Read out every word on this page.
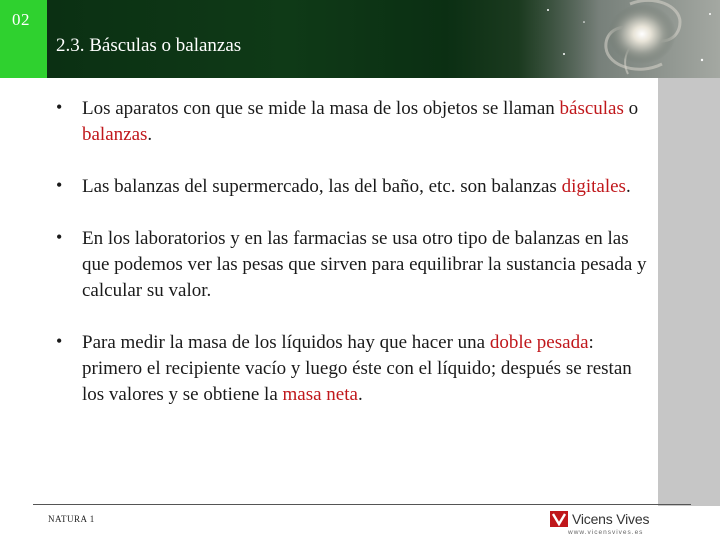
02
2.3. Básculas o balanzas
• Los aparatos con que se mide la masa de los objetos se llaman básculas o balanzas.
• Las balanzas del supermercado, las del baño, etc. son balanzas digitales.
• En los laboratorios y en las farmacias se usa otro tipo de balanzas en las que podemos ver las pesas que sirven para equilibrar la sustancia pesada y calcular su valor.
• Para medir la masa de los líquidos hay que hacer una doble pesada: primero el recipiente vacío y luego éste con el líquido; después se restan los valores y se obtiene la masa neta.
NATURA 1	Vicens Vives
www.vicensvives.es
